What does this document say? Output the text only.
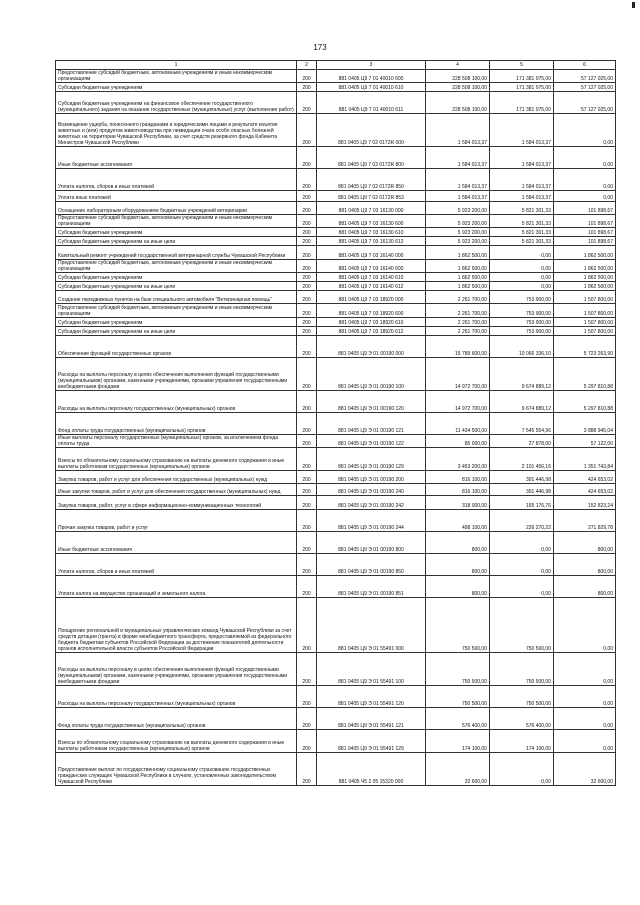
173
1	2	3	4	5	6
Предоставление субсидий бюджетным, автономным учреждениям и иным некоммерческим организациям	200	881 0405 Ц9 7 01 40010 600	228 508 100,00	171 381 075,00	57 127 025,00
Субсидии бюджетным учреждениям	200	881 0405 Ц9 7 01 40010 610	228 508 100,00	171 381 075,00	57 127 025,00
Субсидии бюджетным учреждениям на финансовое обеспечение государственного (муниципального) задания на оказание государственных (муниципальных) услуг (выполнение работ)	200	881 0405 Ц9 7 01 40010 611	228 508 100,00	171 381 075,00	57 127 025,00
Возмещение ущерба, понесенного гражданами и юридическими лицами в результате изъятия животных и (или) продуктов животноводства при ликвидации очага особо опасных болезней животных на территории Чувашской Республики, за счет средств резервного фонда Кабинета Министров Чувашской Республики	200	881 0405 Ц9 7 02 0172R 000	1 584 013,37	1 584 013,37	0,00
Иные бюджетные ассигнования	200	881 0405 Ц9 7 02 0172R 800	1 584 013,37	1 584 013,37	0,00
Уплата налогов, сборов и иных платежей	200	881 0405 Ц9 7 02 0172R 850	1 584 013,37	1 584 013,37	0,00
Уплата иных платежей	200	881 0405 Ц9 7 02 0172R 853	1 584 013,37	1 584 013,37	0,00
Оснащение лабораторным оборудованием бюджетных учреждений ветеринарии	200	881 0405 Ц9 7 03 16130 000	5 923 200,00	5 821 301,33	101 898,67
Предоставление субсидий бюджетным, автономным учреждениям и иным некоммерческим организациям	200	881 0405 Ц9 7 03 16130 600	5 923 200,00	5 821 301,33	101 898,67
Субсидии бюджетным учреждениям	200	881 0405 Ц9 7 03 16130 610	5 923 200,00	5 821 301,33	101 898,67
Субсидии бюджетным учреждениям на иные цели	200	881 0405 Ц9 7 03 16130 612	5 923 200,00	5 821 301,33	101 898,67
Капитальный ремонт учреждений государственной ветеринарной службы Чувашской Республики	200	881 0405 Ц9 7 03 16140 000	1 862 500,00	0,00	1 862 500,00
Предоставление субсидий бюджетным, автономным учреждениям и иным некоммерческим организациям	200	881 0405 Ц9 7 03 16140 600	1 862 500,00	0,00	1 862 500,00
Субсидии бюджетным учреждениям	200	881 0405 Ц9 7 03 16140 610	1 862 500,00	0,00	1 862 500,00
Субсидии бюджетным учреждениям на иные цели	200	881 0405 Ц9 7 03 16140 612	1 862 500,00	0,00	1 862 500,00
Создание передвижных пунктов на базе специального автомобиля "Ветеринарная помощь"	200	881 0405 Ц9 7 03 18920 000	2 261 700,00	753 900,00	1 507 800,00
Предоставление субсидий бюджетным, автономным учреждениям и иным некоммерческим организациям	200	881 0405 Ц9 7 03 18920 600	2 261 700,00	753 900,00	1 507 800,00
Субсидии бюджетным учреждениям	200	881 0405 Ц9 7 03 18920 610	2 261 700,00	753 900,00	1 507 800,00
Субсидии бюджетным учреждениям на иные цели	200	881 0405 Ц9 7 03 18920 612	2 261 700,00	753 900,00	1 507 800,00
Обеспечение функций государственных органов	200	881 0405 Ц9 Э 01 00190 000	15 789 600,00	10 066 336,10	5 723 263,90
Расходы на выплаты персоналу в целях обеспечения выполнения функций государственными (муниципальными) органами, казенными учреждениями, органами управления государственными внебюджетными фондами	200	881 0405 Ц9 Э 01 00190 100	14 972 700,00	9 674 889,12	5 297 810,88
Расходы на выплаты персоналу государственных (муниципальных) органов	200	881 0405 Ц9 Э 01 00190 120	14 972 700,00	9 674 889,12	5 297 810,88
Фонд оплаты труда государственных (муниципальных) органов	200	881 0405 Ц9 Э 01 00190 121	11 434 500,00	7 545 554,96	3 888 945,04
Иные выплаты персоналу государственных (муниципальных) органов, за исключением фонда оплаты труда	200	881 0405 Ц9 Э 01 00190 122	85 000,00	27 878,00	57 122,00
Взносы по обязательному социальному страхованию на выплаты денежного содержания и иные выплаты работникам государственных (муниципальных) органов	200	881 0405 Ц9 Э 01 00190 129	3 453 200,00	2 101 456,16	1 351 743,84
Закупка товаров, работ и услуг для обеспечения государственных (муниципальных) нужд	200	881 0405 Ц9 Э 01 00190 200	816 100,00	391 446,98	424 653,02
Иные закупки товаров, работ и услуг для обеспечения государственных (муниципальных) нужд	200	881 0405 Ц9 Э 01 00190 240	816 100,00	391 446,98	424 653,02
Закупка товаров, работ, услуг в сфере информационно-коммуникационных технологий	200	881 0405 Ц9 Э 01 00190 242	318 000,00	165 176,76	152 823,24
Прочая закупка товаров, работ и услуг	200	881 0405 Ц9 Э 01 00190 244	498 100,00	226 270,22	271 829,78
Иные бюджетные ассигнования	200	881 0405 Ц9 Э 01 00190 800	800,00	0,00	800,00
Уплата налогов, сборов и иных платежей	200	881 0405 Ц9 Э 01 00190 850	800,00	0,00	800,00
Уплата налога на имущество организаций и земельного налога	200	881 0405 Ц9 Э 01 00190 851	800,00	0,00	800,00
Поощрение региональной и муниципальных управленческих команд Чувашской Республики за счет средств дотации (гранта) в форме межбюджетного трансферта, предоставляемой из федерального бюджета бюджетам субъектов Российской Федерации за достижение показателей деятельности органов исполнительной власти субъектов Российской Федерации	200	881 0405 Ц9 Э 01 55491 000	750 500,00	750 500,00	0,00
Расходы на выплаты персоналу в целях обеспечения выполнения функций государственными (муниципальными) органами, казенными учреждениями, органами управления государственными внебюджетными фондами	200	881 0405 Ц9 Э 01 55491 100	750 500,00	750 500,00	0,00
Расходы на выплаты персоналу государственных (муниципальных) органов	200	881 0405 Ц9 Э 01 55491 120	750 500,00	750 500,00	0,00
Фонд оплаты труда государственных (муниципальных) органов	200	881 0405 Ц9 Э 01 55491 121	576 400,00	576 400,00	0,00
Взносы по обязательному социальному страхованию на выплаты денежного содержания и иные выплаты работникам государственных (муниципальных) органов	200	881 0405 Ц9 Э 01 55491 129	174 100,00	174 100,00	0,00
Предоставление выплат по государственному социальному страхованию государственных гражданских служащих Чувашской Республики в случаях, установленных законодательством Чувашской Республики	200	881 0405 Ч5 2 05 15320 000	32 600,00	0,00	32 600,00
